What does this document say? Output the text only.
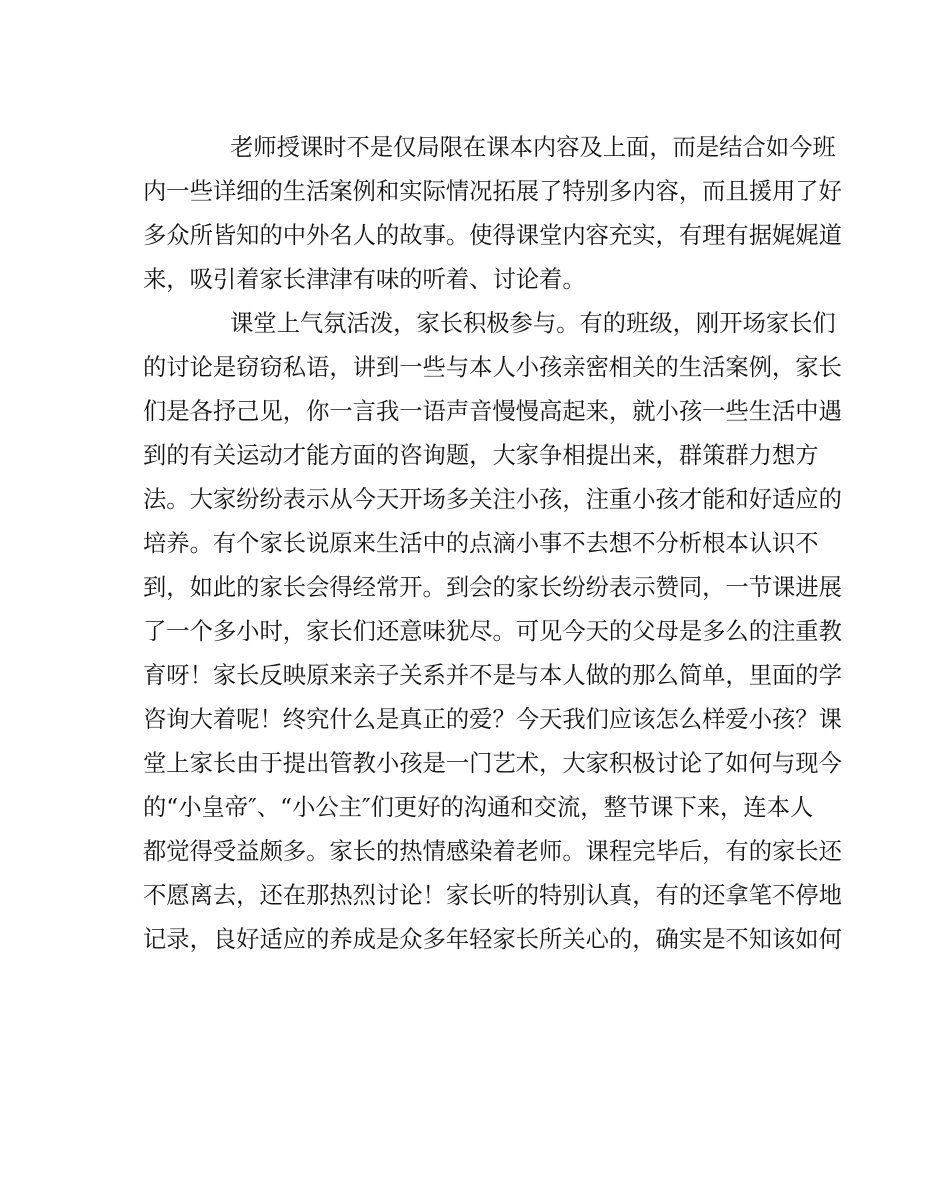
老师授课时不是仅局限在课本内容及上面，而是结合如今班
内一些详细的生活案例和实际情况拓展了特别多内容，而且援用了好
多众所皆知的中外名人的故事。使得课堂内容充实，有理有据娓娓道
来，吸引着家长津津有味的听着、讨论着。
课堂上气氛活泼，家长积极参与。有的班级，刚开场家长们
的讨论是窃窃私语，讲到一些与本人小孩亲密相关的生活案例，家长
们是各抒己见，你一言我一语声音慢慢高起来，就小孩一些生活中遇
到的有关运动才能方面的咨询题，大家争相提出来，群策群力想方
法。大家纷纷表示从今天开场多关注小孩，注重小孩才能和好适应的
培养。有个家长说原来生活中的点滴小事不去想不分析根本认识不
到，如此的家长会得经常开。到会的家长纷纷表示赞同，一节课进展
了一个多小时，家长们还意味犹尽。可见今天的父母是多么的注重教
育呀！家长反映原来亲子关系并不是与本人做的那么简单，里面的学
咨询大着呢！终究什么是真正的爱？今天我们应该怎么样爱小孩？课
堂上家长由于提出管教小孩是一门艺术，大家积极讨论了如何与现今
的“小皇帝″、“小公主″们更好的沟通和交流，整节课下来，连本人
都觉得受益颇多。家长的热情感染着老师。课程完毕后，有的家长还
不愿离去，还在那热烈讨论！家长听的特别认真，有的还拿笔不停地
记录，良好适应的养成是众多年轻家长所关心的，确实是不知该如何
